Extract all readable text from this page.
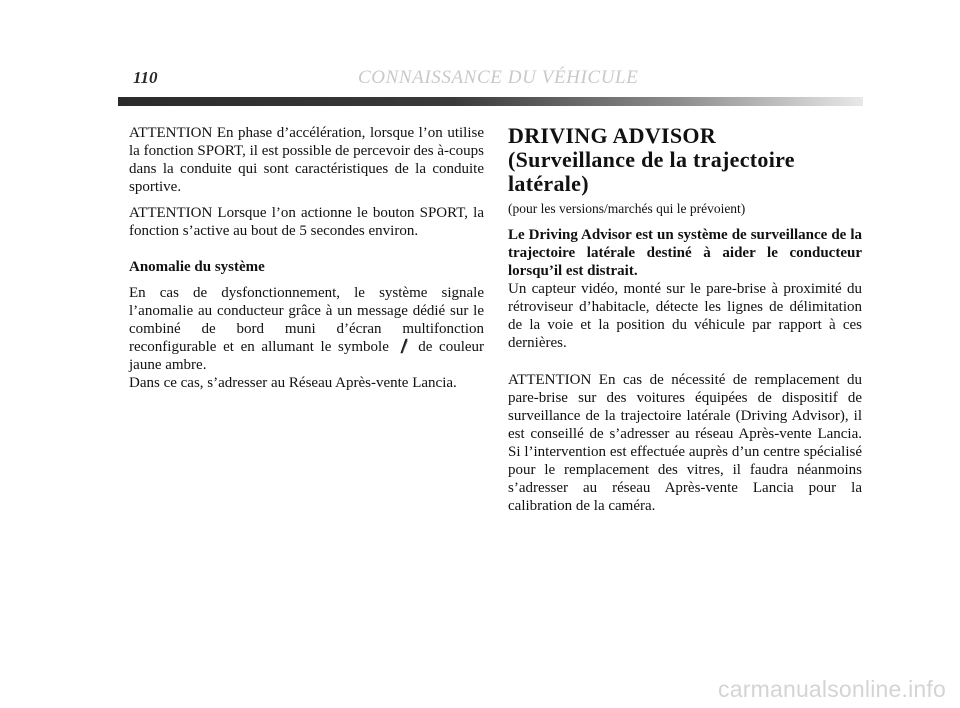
110	CONNAISSANCE DU VÉHICULE

ATTENTION En phase d’accélération, lorsque l’on utilise la fonction SPORT, il est possible de percevoir des à-coups dans la conduite qui sont caractéristiques de la conduite sportive.

ATTENTION Lorsque l’on actionne le bouton SPORT, la fonction s’active au bout de 5 secondes environ.

Anomalie du système

En cas de dysfonctionnement, le système signale l’anomalie au conducteur grâce à un message dédié sur le combiné de bord muni d’écran multifonction reconfigurable et en allumant le symbole de couleur jaune ambre.
Dans ce cas, s’adresser au Réseau Après-vente Lancia.

DRIVING ADVISOR
(Surveillance de la trajectoire
latérale)

(pour les versions/marchés qui le prévoient)

Le Driving Advisor est un système de surveillance de la trajectoire latérale destiné à aider le conducteur lorsqu’il est distrait.

Un capteur vidéo, monté sur le pare-brise à proximité du rétroviseur d’habitacle, détecte les lignes de délimitation de la voie et la position du véhicule par rapport à ces dernières.

ATTENTION En cas de nécessité de remplacement du pare-brise sur des voitures équipées de dispositif de surveillance de la trajectoire latérale (Driving Advisor), il est conseillé de s’adresser au réseau Après-vente Lancia. Si l’intervention est effectuée auprès d’un centre spécialisé pour le remplacement des vitres, il faudra néanmoins s’adresser au réseau Après-vente Lancia pour la calibration de la caméra.

carmanualsonline.info
